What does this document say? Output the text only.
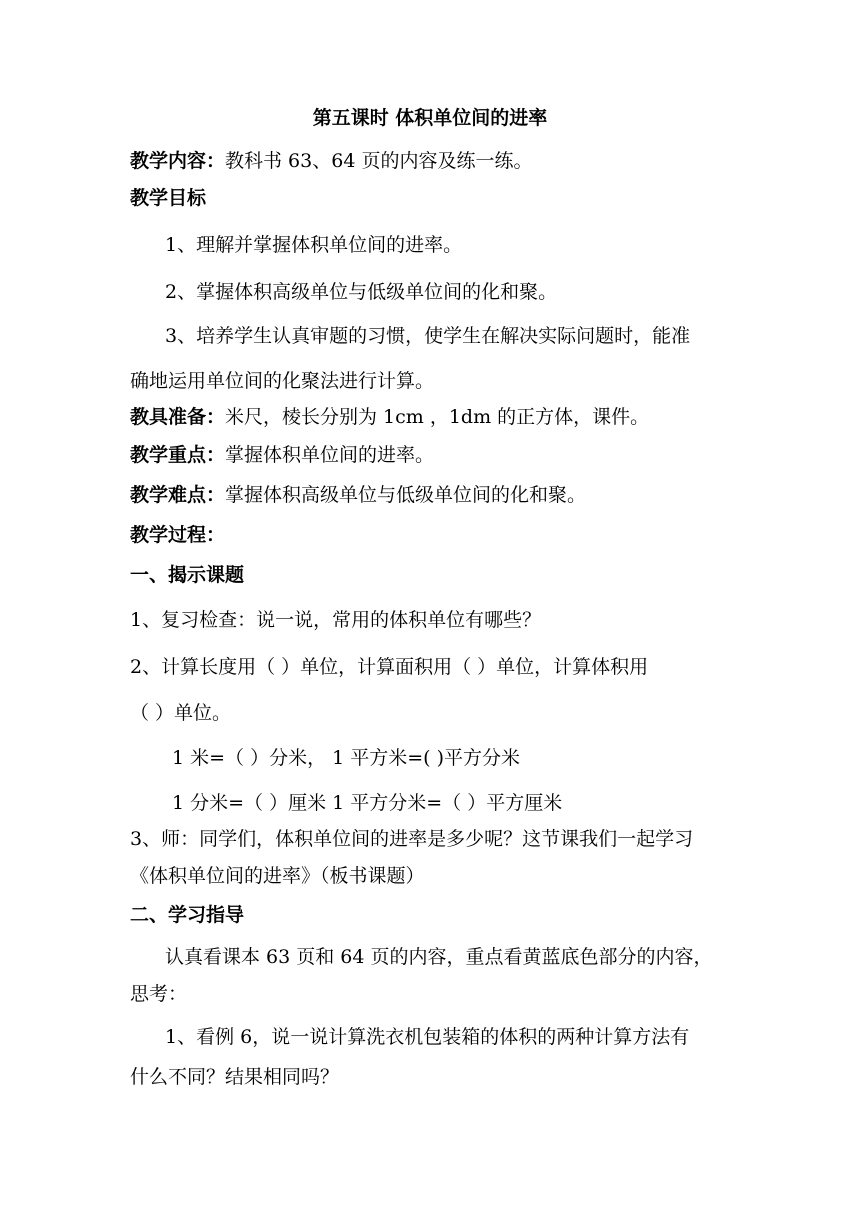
第五课时 体积单位间的进率
教学内容：教科书 63、64 页的内容及练一练。
教学目标
1、理解并掌握体积单位间的进率。
2、掌握体积高级单位与低级单位间的化和聚。
3、培养学生认真审题的习惯，使学生在解决实际问题时，能准
确地运用单位间的化聚法进行计算。
教具准备：米尺，棱长分别为 1cm ，1dm 的正方体，课件。
教学重点：掌握体积单位间的进率。
教学难点：掌握体积高级单位与低级单位间的化和聚。
教学过程：
一、揭示课题
1、复习检查：说一说，常用的体积单位有哪些？
2、计算长度用（ ）单位，计算面积用（ ）单位，计算体积用
（ ）单位。
1 米=（ ）分米， 1 平方米=( )平方分米
1 分米=（ ）厘米 1 平方分米=（ ）平方厘米
3、师：同学们，体积单位间的进率是多少呢？这节课我们一起学习
《体积单位间的进率》（板书课题）
二、学习指导
认真看课本 63 页和 64 页的内容，重点看黄蓝底色部分的内容，
思考：
1、看例 6，说一说计算洗衣机包装箱的体积的两种计算方法有
什么不同？结果相同吗？
